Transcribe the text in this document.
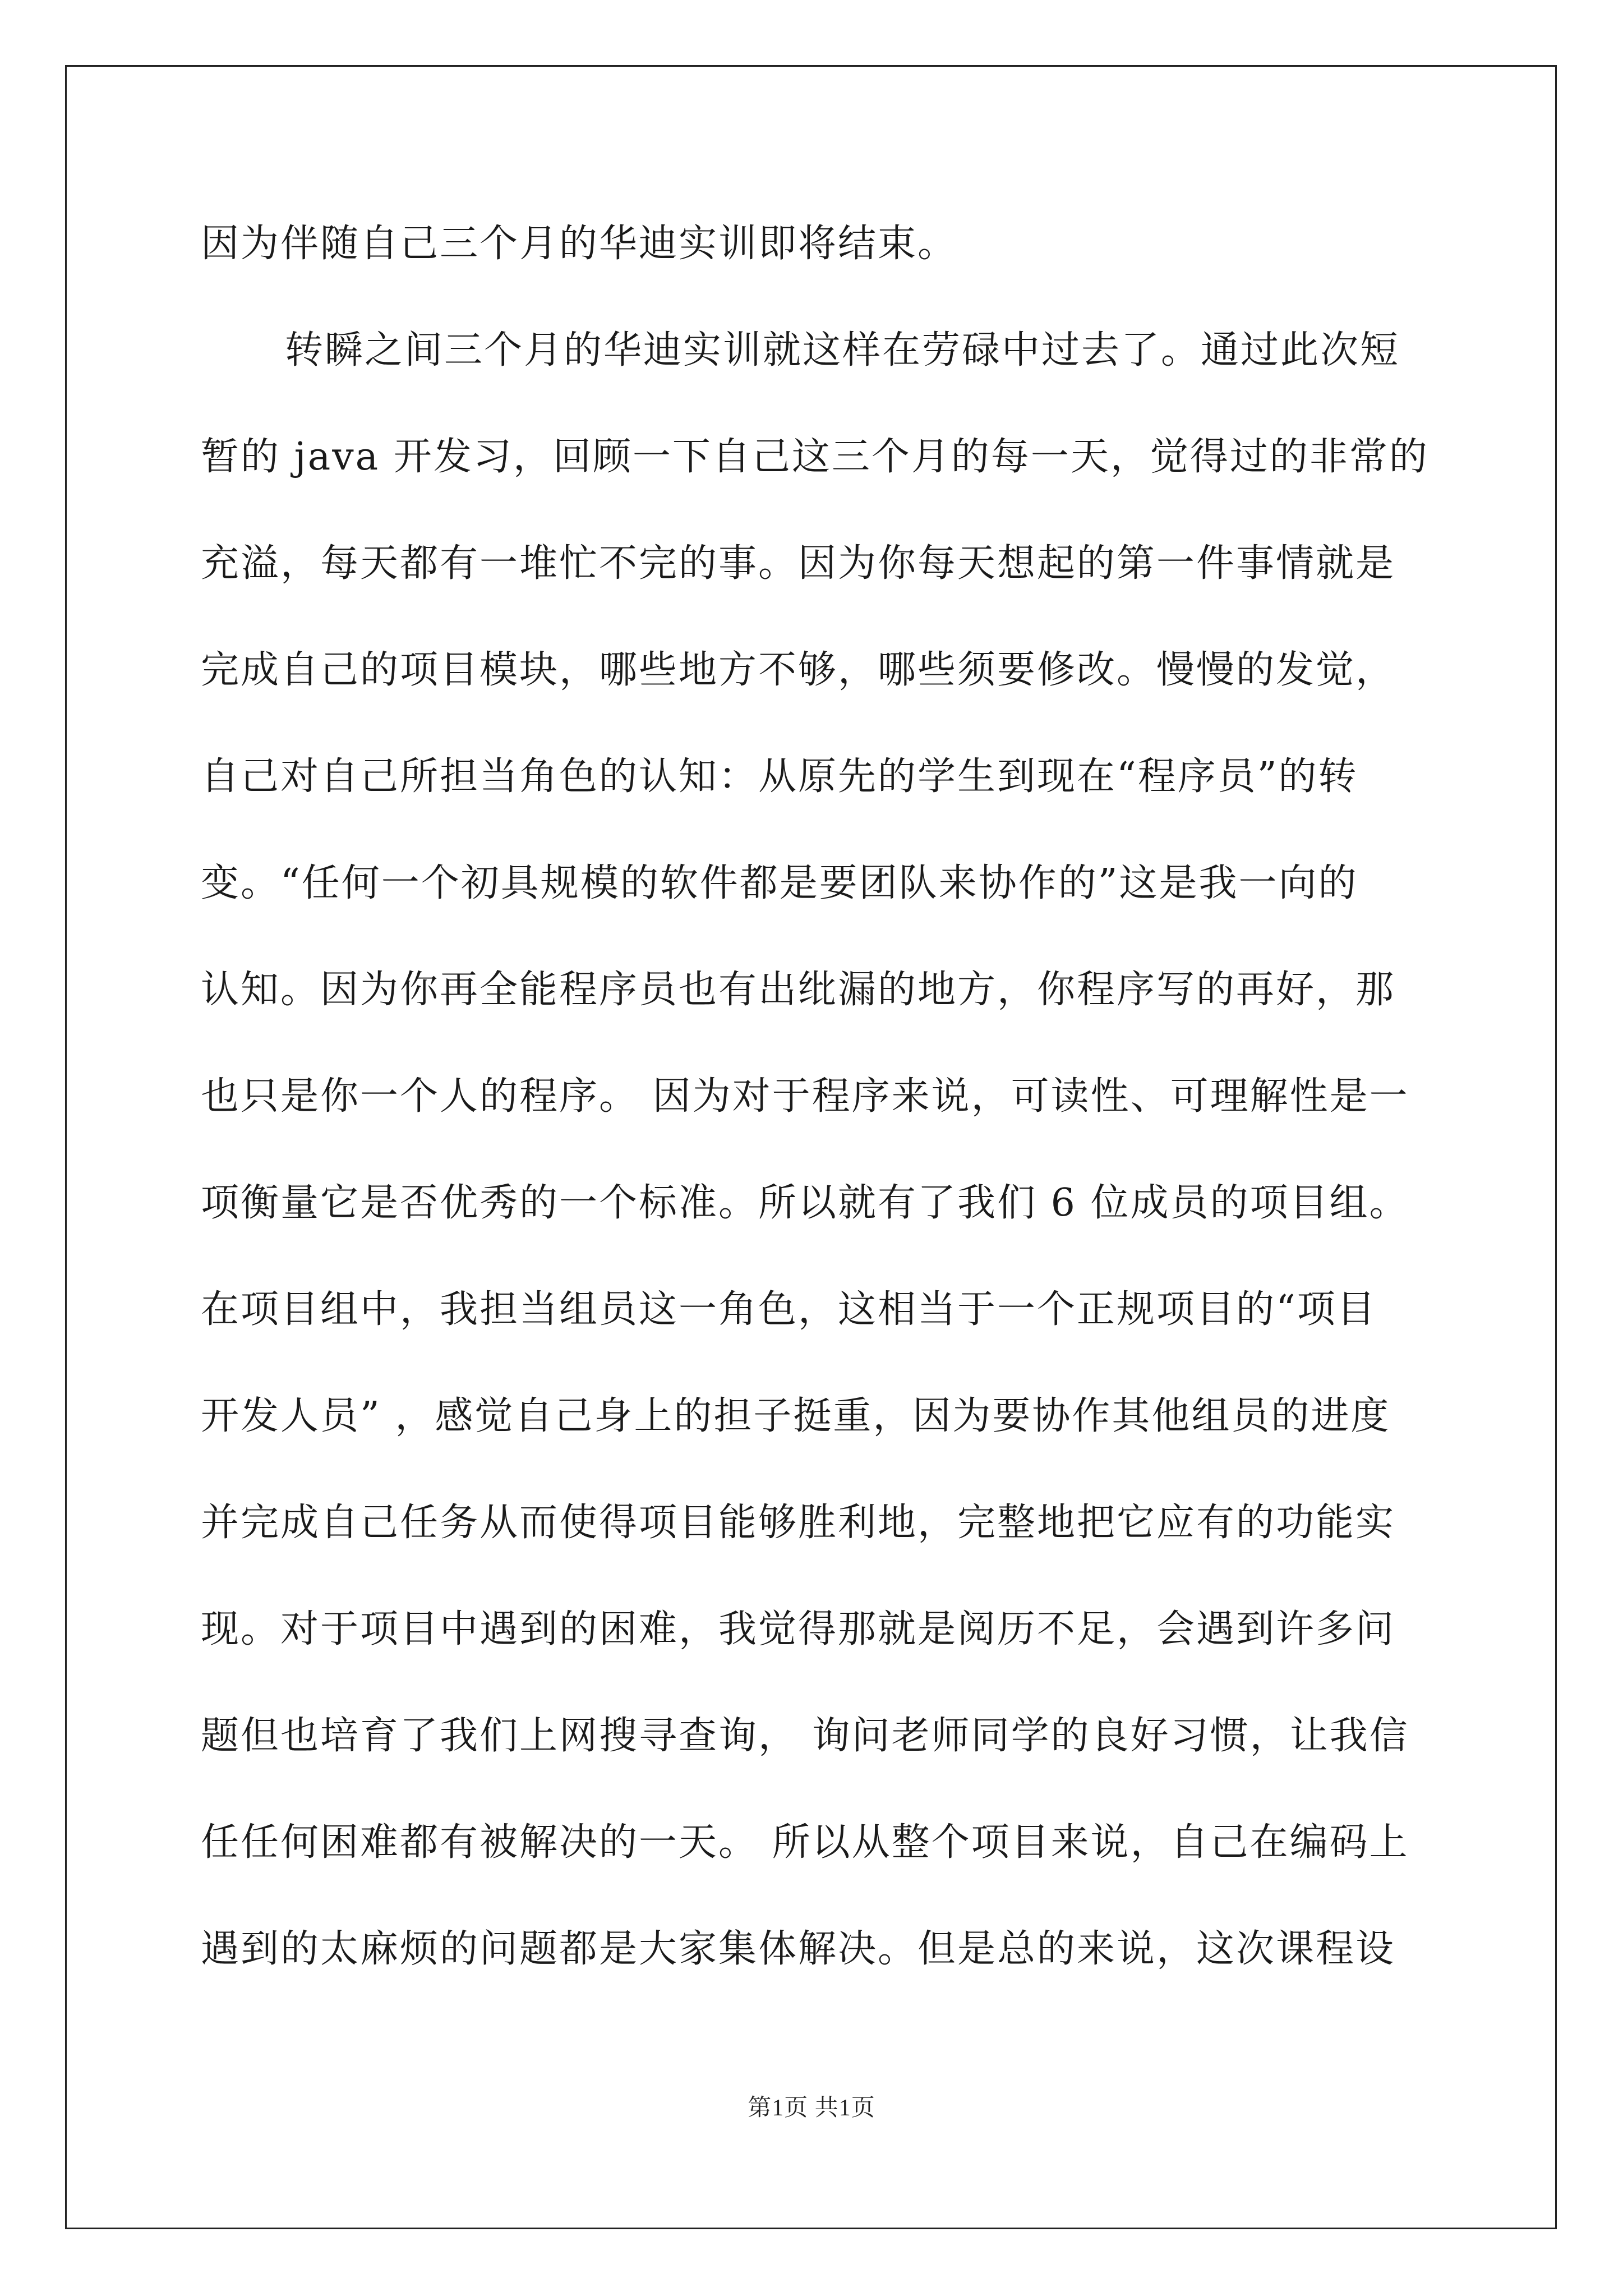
因为伴随自己三个月的华迪实训即将结束。
转瞬之间三个月的华迪实训就这样在劳碌中过去了。通过此次短
暂的 java 开发习，回顾一下自己这三个月的每一天，觉得过的非常的
充溢，每天都有一堆忙不完的事。因为你每天想起的第一件事情就是
完成自己的项目模块，哪些地方不够，哪些须要修改。慢慢的发觉，
自己对自己所担当角色的认知：从原先的学生到现在“程序员”的转
变。“任何一个初具规模的软件都是要团队来协作的”这是我一向的
认知。因为你再全能程序员也有出纰漏的地方，你程序写的再好，那
也只是你一个人的程序。 因为对于程序来说，可读性、可理解性是一
项衡量它是否优秀的一个标准。所以就有了我们 6 位成员的项目组。
在项目组中，我担当组员这一角色，这相当于一个正规项目的“项目
开发人员” ，感觉自己身上的担子挺重，因为要协作其他组员的进度
并完成自己任务从而使得项目能够胜利地，完整地把它应有的功能实
现。对于项目中遇到的困难，我觉得那就是阅历不足，会遇到许多问
题但也培育了我们上网搜寻查询， 询问老师同学的良好习惯，让我信
任任何困难都有被解决的一天。 所以从整个项目来说，自己在编码上
遇到的太麻烦的问题都是大家集体解决。但是总的来说，这次课程设
第1页 共1页
